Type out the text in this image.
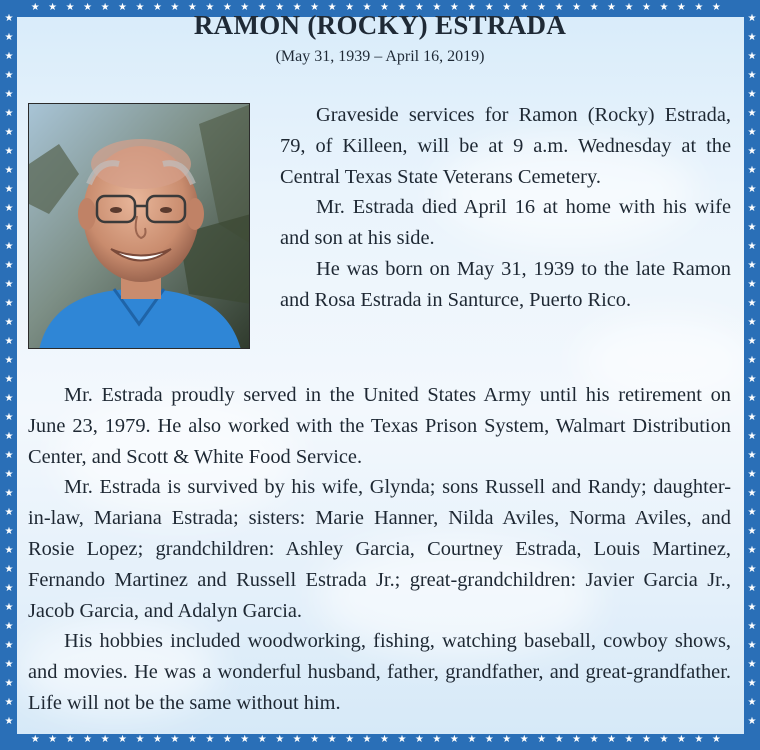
★★★★★★★★★★★★★★★★★★★★★★★★★★★★★★★★★★★★★★★★
★★★★★★★★★★★★★★★★★★★★★★★★★★★★★★★★★★★★★★★★
★
★
★
★
★
★
★
★
★
★
★
★
★
★
★
★
★
★
★
★
★
★
★
★
★
★
★
★
★
★
★
★
★
★
★
★
★
★
★
★
★
★
★
★
★
★
★
★
★
★
★
★
★
★
★
★
★
★
★
★
★
★
★
★
★
★
★
★
★
★
★
★
★
★
★
★
RAMON (ROCKY) ESTRADA
(May 31, 1939 – April 16, 2019)

Graveside services for Ramon (Rocky) Estrada, 79, of Killeen, will be at 9 a.m. Wednesday at the Central Texas State Veterans Cemetery.

Mr. Estrada died April 16 at home with his wife and son at his side.

He was born on May 31, 1939 to the late Ramon and Rosa Estrada in Santurce, Puerto Rico.

Mr. Estrada proudly served in the United States Army until his retirement on June 23, 1979. He also worked with the Texas Prison System, Walmart Distribution Center, and Scott & White Food Service.

Mr. Estrada is survived by his wife, Glynda; sons Russell and Randy; daughter-in-law, Mariana Estrada; sisters: Marie Hanner, Nilda Aviles, Norma Aviles, and Rosie Lopez; grandchildren: Ashley Garcia, Courtney Estrada, Louis Martinez, Fernando Martinez and Russell Estrada Jr.; great-grandchildren: Javier Garcia Jr., Jacob Garcia, and Adalyn Garcia.

His hobbies included woodworking, fishing, watching baseball, cowboy shows, and movies. He was a wonderful husband, father, grandfather, and great-grandfather. Life will not be the same without him.
